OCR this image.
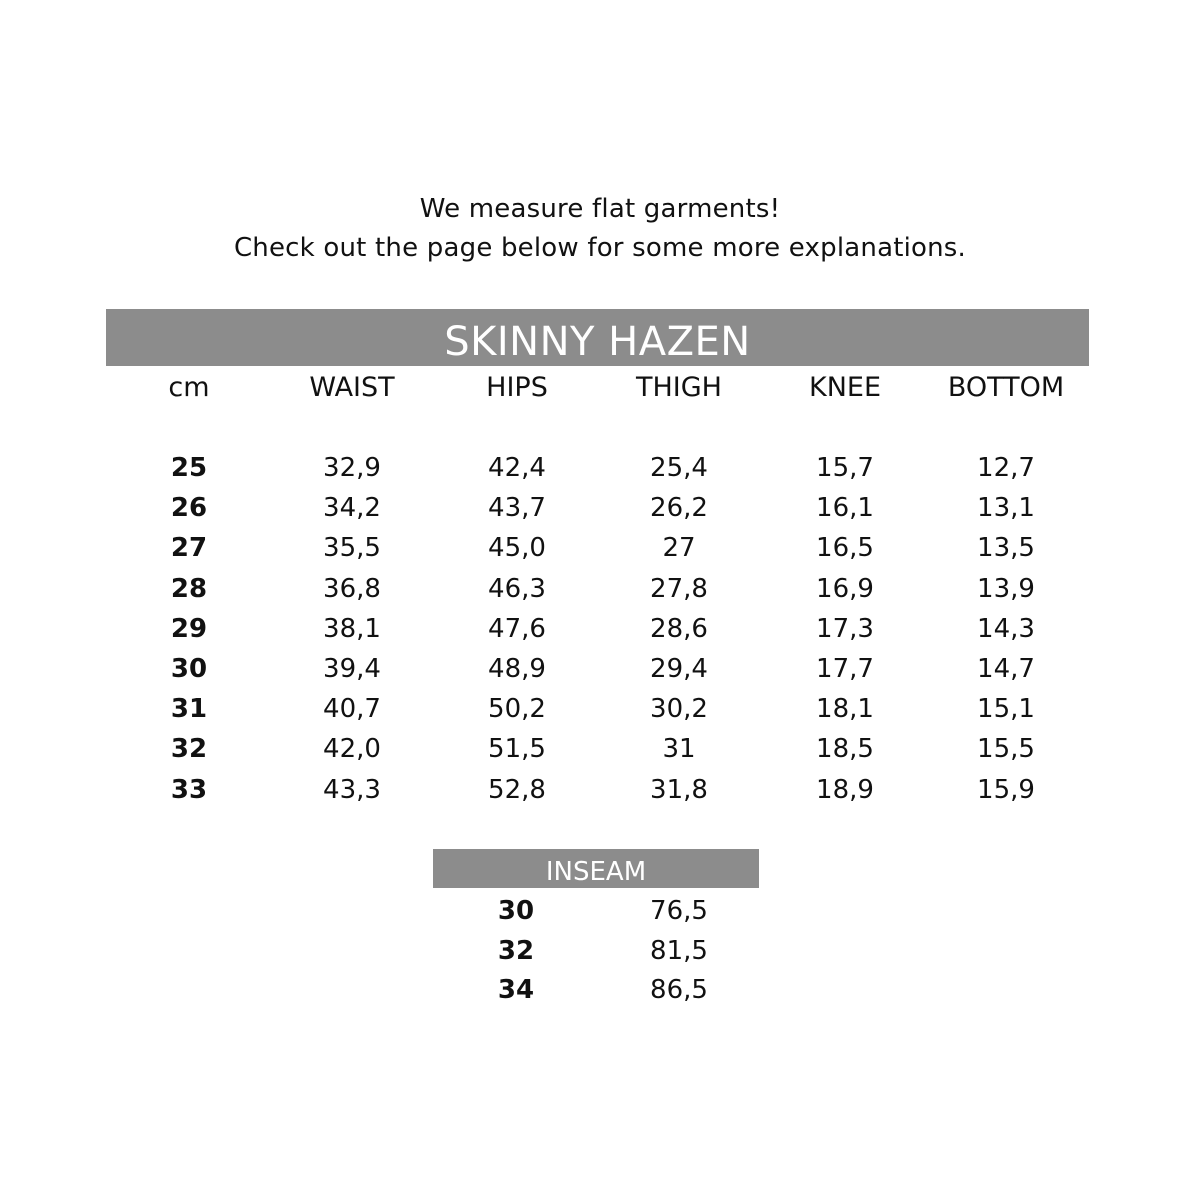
We measure flat garments!
Check out the page below for some more explanations.
SKINNY HAZEN
cm	WAIST	HIPS	THIGH	KNEE	BOTTOM
25	32,9	42,4	25,4	15,7	12,7
26	34,2	43,7	26,2	16,1	13,1
27	35,5	45,0	27	16,5	13,5
28	36,8	46,3	27,8	16,9	13,9
29	38,1	47,6	28,6	17,3	14,3
30	39,4	48,9	29,4	17,7	14,7
31	40,7	50,2	30,2	18,1	15,1
32	42,0	51,5	31	18,5	15,5
33	43,3	52,8	31,8	18,9	15,9
INSEAM
30	76,5
32	81,5
34	86,5
